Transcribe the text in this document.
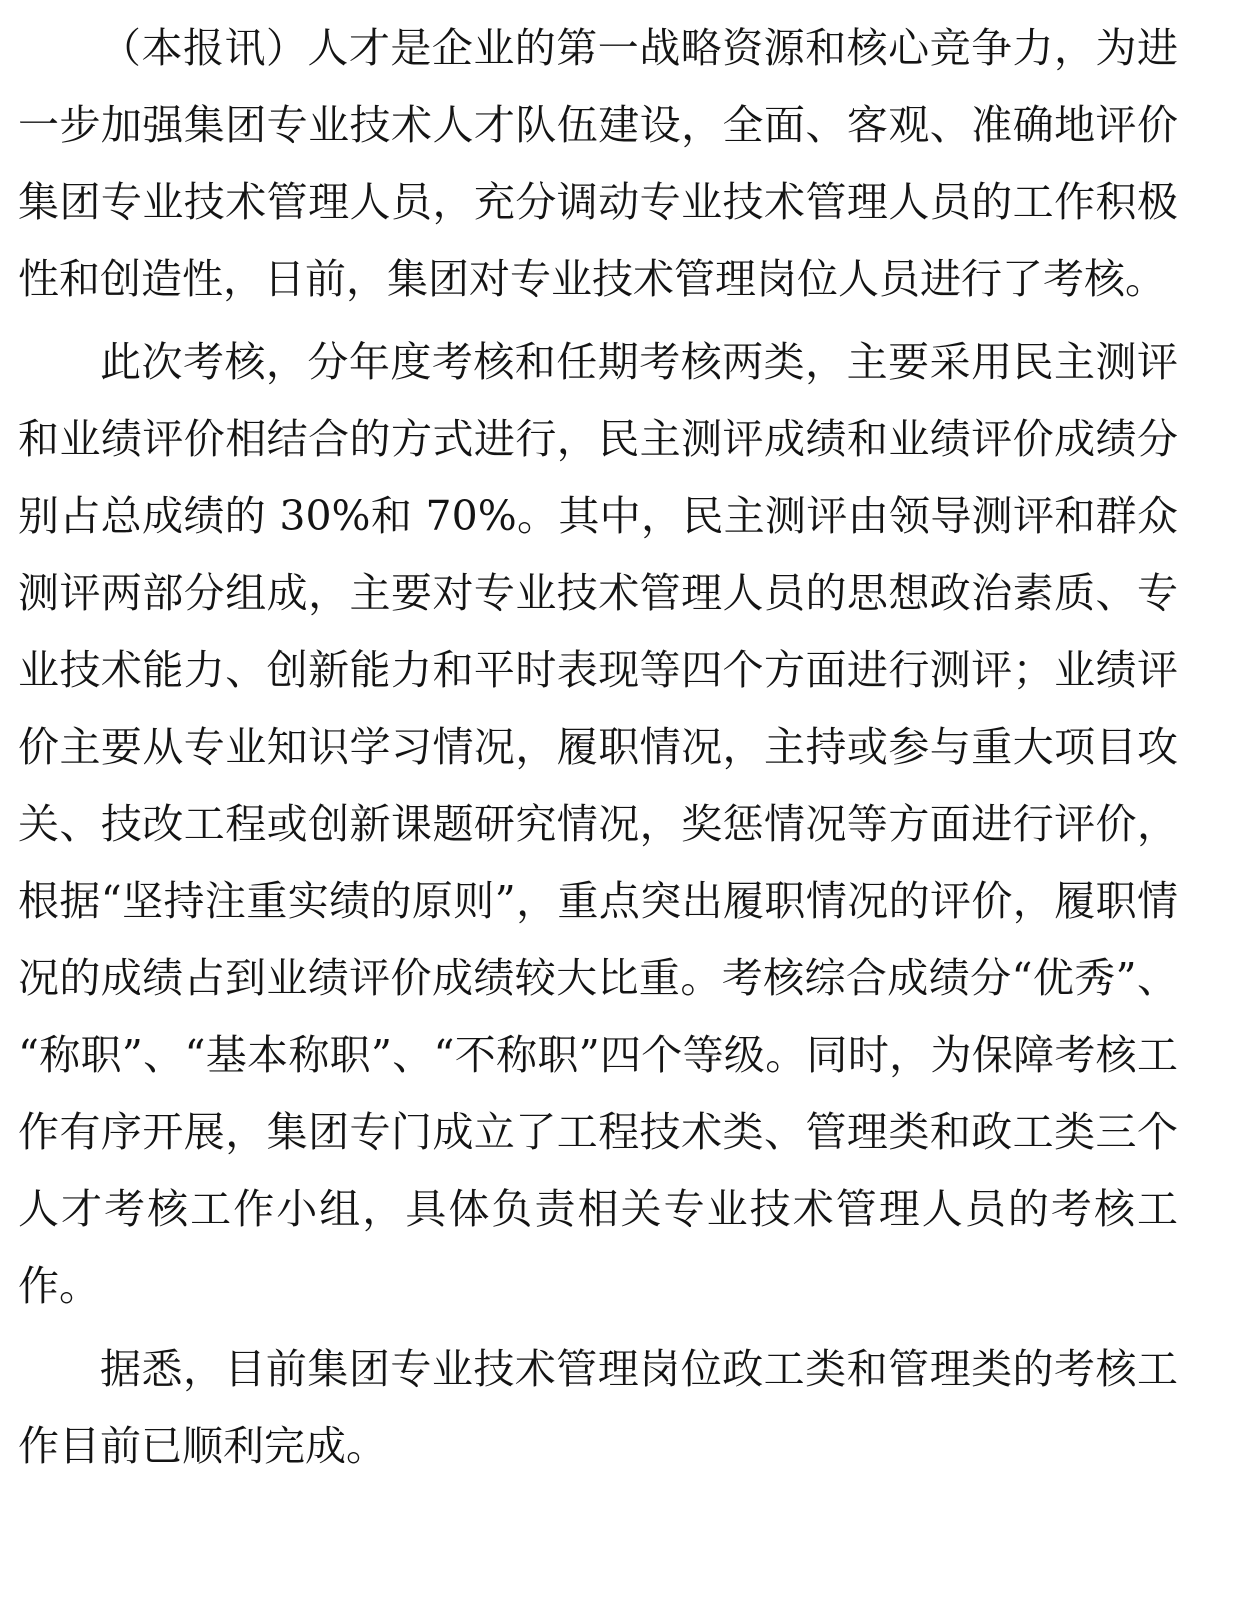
（本报讯）人才是企业的第一战略资源和核心竞争力，为进一步加强集团专业技术人才队伍建设，全面、客观、准确地评价集团专业技术管理人员，充分调动专业技术管理人员的工作积极性和创造性，日前，集团对专业技术管理岗位人员进行了考核。

此次考核，分年度考核和任期考核两类，主要采用民主测评和业绩评价相结合的方式进行，民主测评成绩和业绩评价成绩分别占总成绩的 30%和 70%。其中，民主测评由领导测评和群众测评两部分组成，主要对专业技术管理人员的思想政治素质、专业技术能力、创新能力和平时表现等四个方面进行测评；业绩评价主要从专业知识学习情况，履职情况，主持或参与重大项目攻关、技改工程或创新课题研究情况，奖惩情况等方面进行评价，根据“坚持注重实绩的原则”，重点突出履职情况的评价，履职情况的成绩占到业绩评价成绩较大比重。考核综合成绩分“优秀”、“称职”、“基本称职”、“不称职”四个等级。同时，为保障考核工作有序开展，集团专门成立了工程技术类、管理类和政工类三个人才考核工作小组，具体负责相关专业技术管理人员的考核工作。

据悉，目前集团专业技术管理岗位政工类和管理类的考核工作目前已顺利完成。
